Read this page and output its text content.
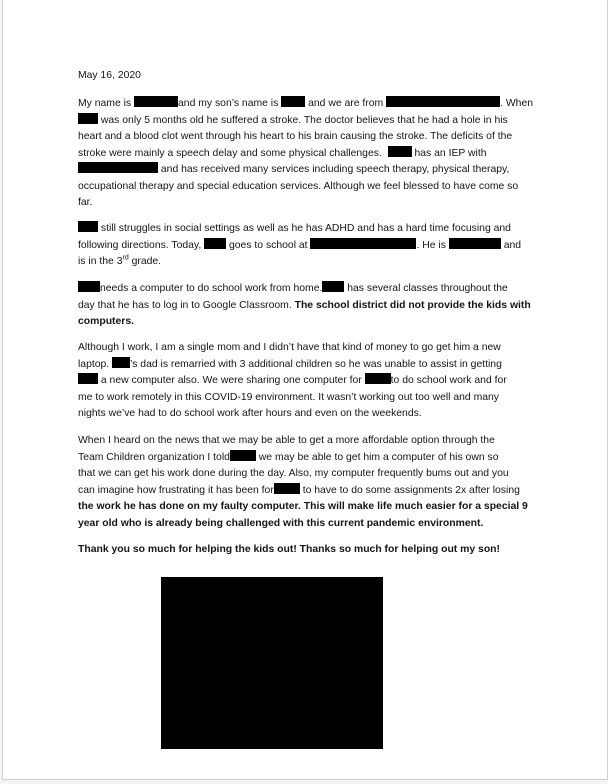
May 16, 2020
My name is	and my son’s name is	and we are from	. When
was only 5 months old he suffered a stroke. The doctor believes that he had a hole in his
heart and a blood clot went through his heart to his brain causing the stroke. The deficits of the
stroke were mainly a speech delay and some physical challenges.	has an IEP with
and has received many services including speech therapy, physical therapy,
occupational therapy and special education services. Although we feel blessed to have come so
far.
still struggles in social settings as well as he has ADHD and has a hard time focusing and
following directions. Today,	goes to school at	. He is	and
is in the 3rd grade.
needs a computer to do school work from home. has several classes throughout the
day that he has to log in to Google Classroom. The school district did not provide the kids with
computers.
Although I work, I am a single mom and I didn’t have that kind of money to go get him a new
laptop. ’s dad is remarried with 3 additional children so he was unable to assist in getting
a new computer also. We were sharing one computer for	to do school work and for
me to work remotely in this COVID-19 environment. It wasn’t working out too well and many
nights we’ve had to do school work after hours and even on the weekends.
When I heard on the news that we may be able to get a more affordable option through the
Team Children organization I told	we may be able to get him a computer of his own so
that we can get his work done during the day. Also, my computer frequently bums out and you
can imagine how frustrating it has been for	to have to do some assignments 2x after losing
the work he has done on my faulty computer. This will make life much easier for a special 9
year old who is already being challenged with this current pandemic environment.
Thank you so much for helping the kids out! Thanks so much for helping out my son!
